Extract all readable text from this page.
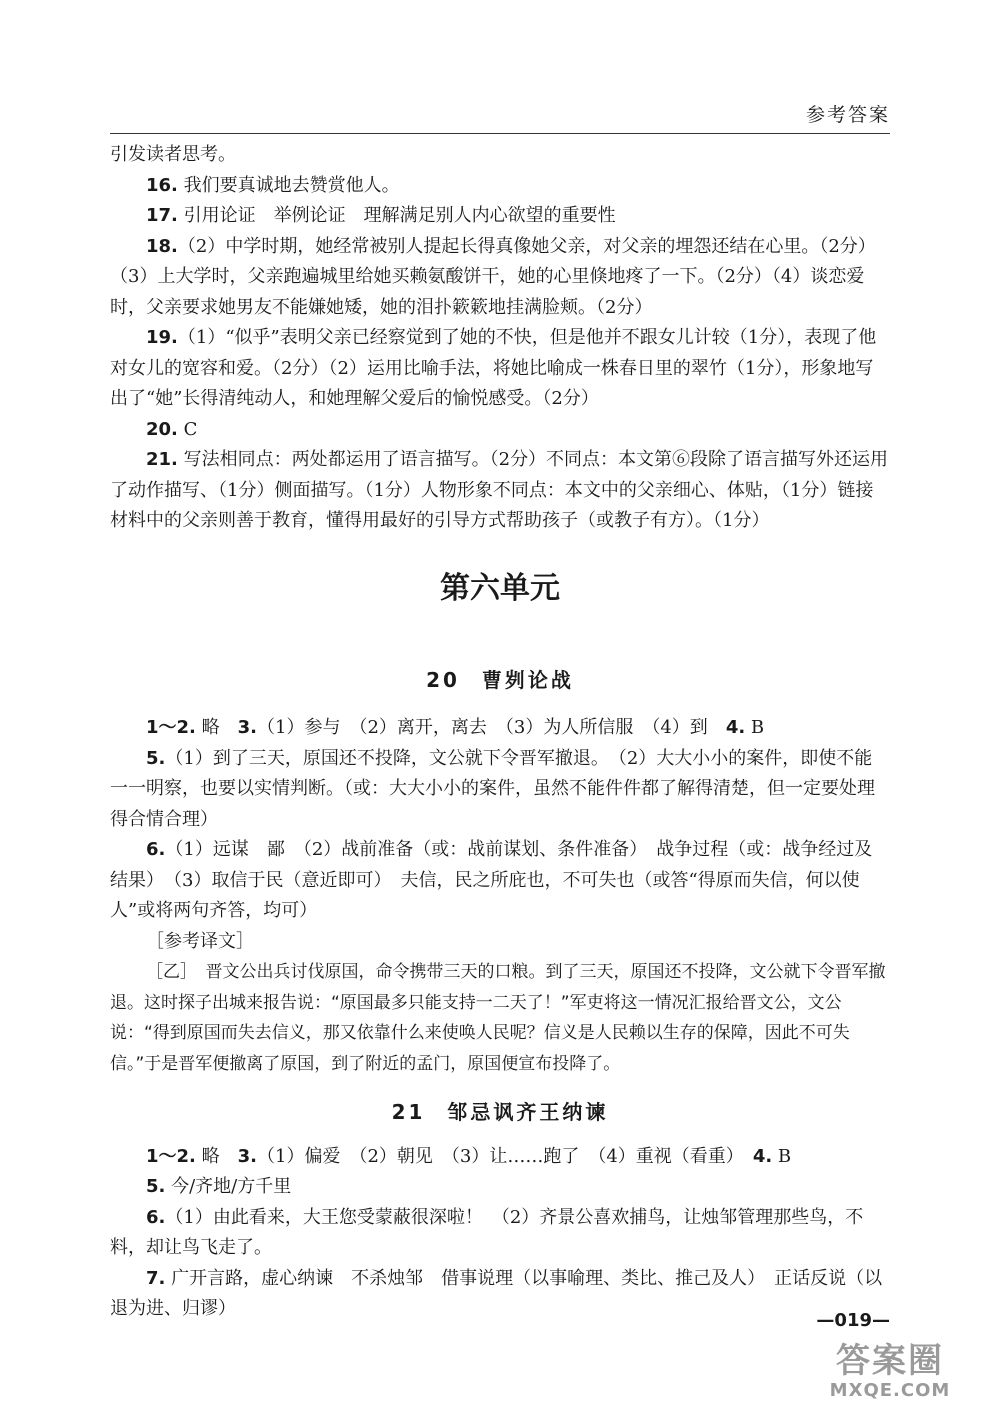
参考答案

引发读者思考。

16. 我们要真诚地去赞赏他人。

17. 引用论证　举例论证　理解满足别人内心欲望的重要性

18.（2）中学时期，她经常被别人提起长得真像她父亲，对父亲的埋怨还结在心里。（2分）（3）上大学时，父亲跑遍城里给她买赖氨酸饼干，她的心里倏地疼了一下。（2分）（4）谈恋爱时，父亲要求她男友不能嫌她矮，她的泪扑簌簌地挂满脸颊。（2分）

19.（1）“似乎”表明父亲已经察觉到了她的不快，但是他并不跟女儿计较（1分），表现了他对女儿的宽容和爱。（2分）（2）运用比喻手法，将她比喻成一株春日里的翠竹（1分），形象地写出了“她”长得清纯动人，和她理解父爱后的愉悦感受。（2分）

20. C

21. 写法相同点：两处都运用了语言描写。（2分）不同点：本文第⑥段除了语言描写外还运用了动作描写、（1分）侧面描写。（1分）人物形象不同点：本文中的父亲细心、体贴，（1分）链接材料中的父亲则善于教育，懂得用最好的引导方式帮助孩子（或教子有方）。（1分）

第六单元
20 曹刿论战

1～2. 略　3.（1）参与　（2）离开，离去　（3）为人所信服　（4）到　4. B

5.（1）到了三天，原国还不投降，文公就下令晋军撤退。　（2）大大小小的案件，即使不能一一明察，也要以实情判断。（或：大大小小的案件，虽然不能件件都了解得清楚，但一定要处理得合情合理）

6.（1）远谋　鄙　（2）战前准备（或：战前谋划、条件准备）　战争过程（或：战争经过及结果）　（3）取信于民（意近即可）　夫信，民之所庇也，不可失也（或答“得原而失信，何以使人”或将两句齐答，均可）

［参考译文］

［乙］　晋文公出兵讨伐原国，命令携带三天的口粮。到了三天，原国还不投降，文公就下令晋军撤退。这时探子出城来报告说：“原国最多只能支持一二天了！”军吏将这一情况汇报给晋文公，文公说：“得到原国而失去信义，那又依靠什么来使唤人民呢？信义是人民赖以生存的保障，因此不可失信。”于是晋军便撤离了原国，到了附近的孟门，原国便宣布投降了。

21 邹忌讽齐王纳谏

1～2. 略　3.（1）偏爱　（2）朝见　（3）让……跑了　（4）重视（看重）　4. B

5. 今/齐地/方千里

6.（1）由此看来，大王您受蒙蔽很深啦！　（2）齐景公喜欢捕鸟，让烛邹管理那些鸟，不料，却让鸟飞走了。

7. 广开言路，虚心纳谏　不杀烛邹　借事说理（以事喻理、类比、推己及人）　正话反说（以退为进、归谬）

—019—
答案圈
MXQE.COM
